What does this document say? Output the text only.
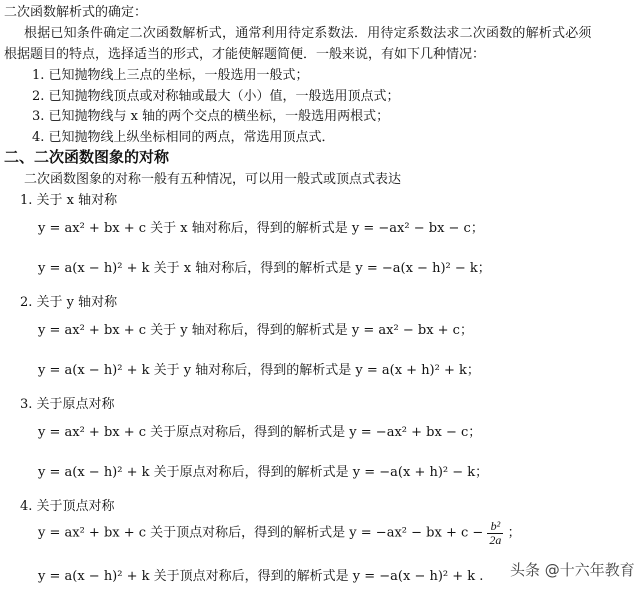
二次函数解析式的确定：
根据已知条件确定二次函数解析式，通常利用待定系数法．用待定系数法求二次函数的解析式必须
根据题目的特点，选择适当的形式，才能使解题简便．一般来说，有如下几种情况：
1. 已知抛物线上三点的坐标，一般选用一般式；
2. 已知抛物线顶点或对称轴或最大（小）值，一般选用顶点式；
3. 已知抛物线与 x 轴的两个交点的横坐标，一般选用两根式；
4. 已知抛物线上纵坐标相同的两点，常选用顶点式．
二、二次函数图象的对称
二次函数图象的对称一般有五种情况，可以用一般式或顶点式表达
1. 关于 x 轴对称
y = ax² + bx + c 关于 x 轴对称后，得到的解析式是 y = −ax² − bx − c；
y = a(x − h)² + k 关于 x 轴对称后，得到的解析式是 y = −a(x − h)² − k；
2. 关于 y 轴对称
y = ax² + bx + c 关于 y 轴对称后，得到的解析式是 y = ax² − bx + c；
y = a(x − h)² + k 关于 y 轴对称后，得到的解析式是 y = a(x + h)² + k；
3. 关于原点对称
y = ax² + bx + c 关于原点对称后，得到的解析式是 y = −ax² + bx − c；
y = a(x − h)² + k 关于原点对称后，得到的解析式是 y = −a(x + h)² − k；
4. 关于顶点对称
y = ax² + bx + c 关于顶点对称后，得到的解析式是 y = −ax² − bx + $c - \frac{\text{b²}}{2a}$ ；
y = a(x − h)² + k 关于顶点对称后，得到的解析式是 y = −a(x − h)² + k . 头条 @十六年教育
